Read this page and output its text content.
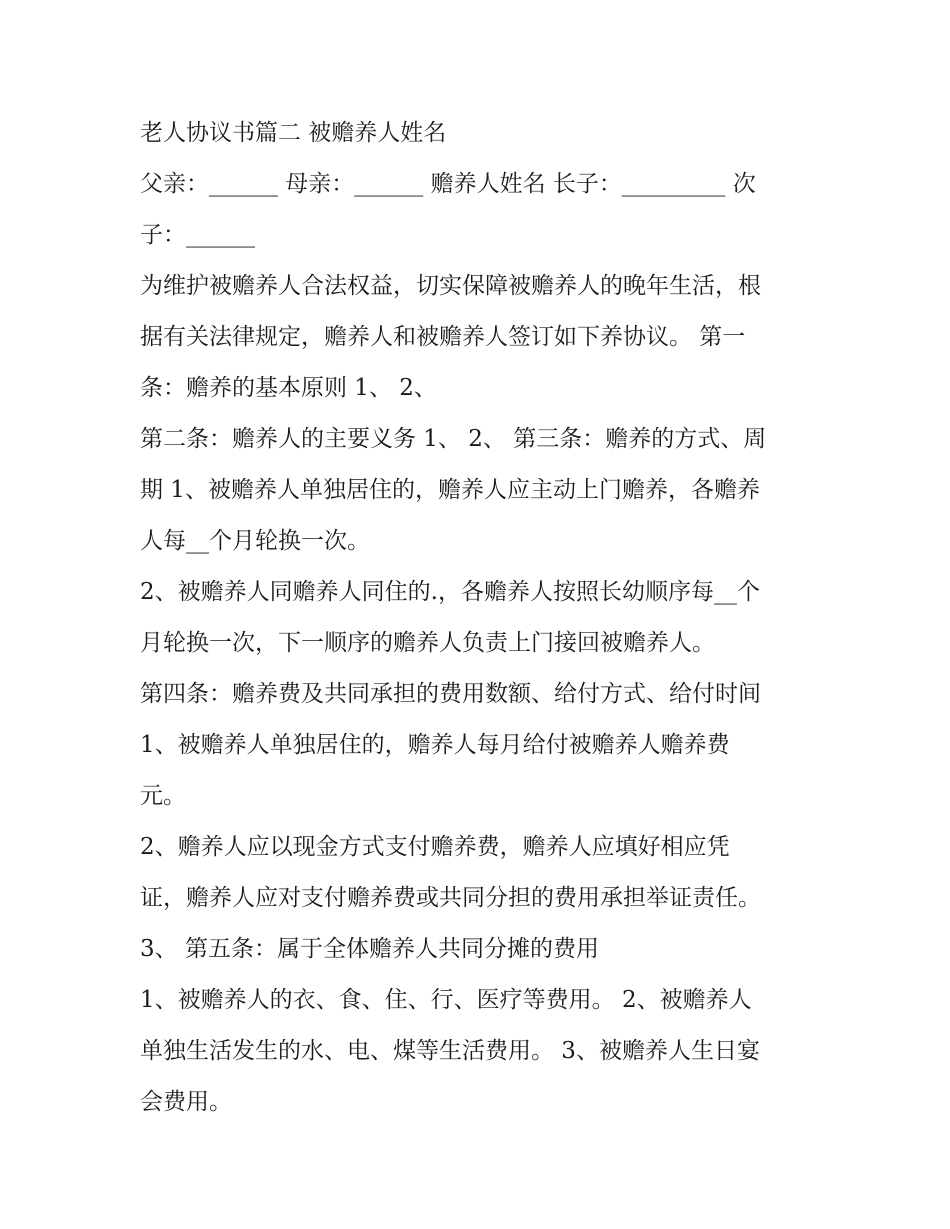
老人协议书篇二 被赡养人姓名
父亲：______ 母亲：______ 赡养人姓名 长子：_________ 次
子：______
为维护被赡养人合法权益，切实保障被赡养人的晚年生活，根
据有关法律规定，赡养人和被赡养人签订如下养协议。 第一
条：赡养的基本原则 1、 2、
第二条：赡养人的主要义务 1、 2、 第三条：赡养的方式、周
期 1、被赡养人单独居住的，赡养人应主动上门赡养，各赡养
人每__个月轮换一次。
2、被赡养人同赡养人同住的.，各赡养人按照长幼顺序每__个
月轮换一次，下一顺序的赡养人负责上门接回被赡养人。
第四条：赡养费及共同承担的费用数额、给付方式、给付时间
1、被赡养人单独居住的，赡养人每月给付被赡养人赡养费
元。
2、赡养人应以现金方式支付赡养费，赡养人应填好相应凭
证，赡养人应对支付赡养费或共同分担的费用承担举证责任。
3、 第五条：属于全体赡养人共同分摊的费用
1、被赡养人的衣、食、住、行、医疗等费用。 2、被赡养人
单独生活发生的水、电、煤等生活费用。 3、被赡养人生日宴
会费用。
